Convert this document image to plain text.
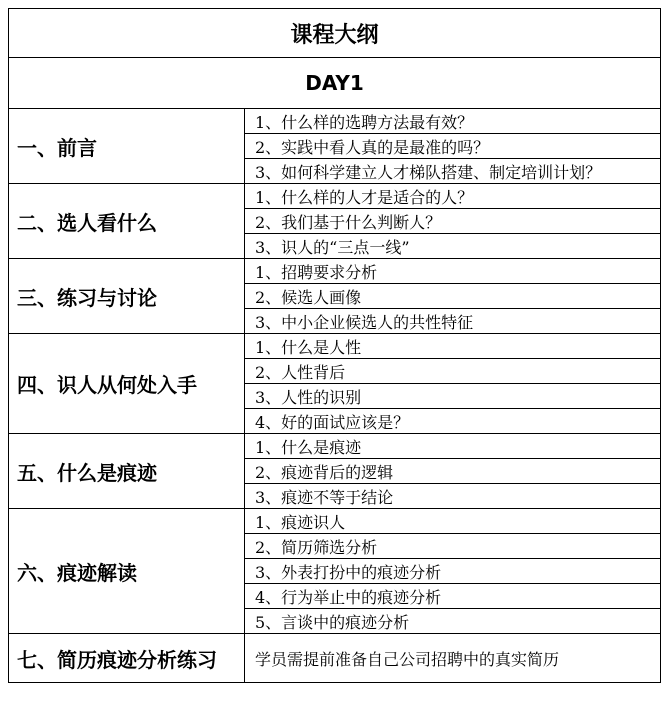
课程大纲	
DAY1	
一、前言	1、什么样的选聘方法最有效？
	2、实践中看人真的是最准的吗？
	3、如何科学建立人才梯队搭建、制定培训计划？
二、选人看什么	1、什么样的人才是适合的人？
	2、我们基于什么判断人？
	3、识人的“三点一线”
三、练习与讨论	1、招聘要求分析
	2、候选人画像
	3、中小企业候选人的共性特征
四、识人从何处入手	1、什么是人性
	2、人性背后
	3、人性的识别
	4、好的面试应该是？
五、什么是痕迹	1、什么是痕迹
	2、痕迹背后的逻辑
	3、痕迹不等于结论
六、痕迹解读	1、痕迹识人
	2、简历筛选分析
	3、外表打扮中的痕迹分析
	4、行为举止中的痕迹分析
	5、言谈中的痕迹分析
七、简历痕迹分析练习	学员需提前准备自己公司招聘中的真实简历
